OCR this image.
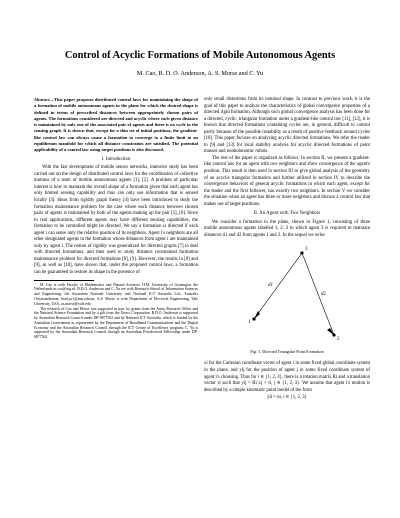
Control of Acyclic Formations of Mobile Autonomous Agents
M. Cao, B. D. O. Anderson, A. S. Morse and C. Yu
Abstract—This paper proposes distributed control laws for maintaining the shape of a formation of mobile autonomous agents in the plane for which the desired shape is defined in terms of prescribed distances between appropriately chosen pairs of agents. The formations considered are directed and acyclic where each given distance is maintained by only one of the associated pair of agents and there is no cycle in the sensing graph. It is shown that, except for a thin set of initial positions, the gradient-like control law can always cause a formation to converge to a finite limit in an equilibrium manifold for which all distance constraints are satisfied. The potential applicability of a control law using target positions is also discussed.
I. Introduction

With the fast development of mobile sensor networks, intensive study has been carried out on the design of distributed control laws for the coordination of collective motions of a team of mobile autonomous agents [1], [2]. A problem of particular interest is how to maintain the overall shape of a formation given that each agent has only limited sensing capability and thus can only use information that is sensed locally [3]. Ideas from rigidity graph theory [4] have been introduced to study the formation maintenance problem for the case where each distance between chosen pairs of agents is maintained by both of the agents making up the pair [5], [6]. Since in real applications, different agents may have different sensing capabilities, the formation to be controlled might be directed. We say a formation is directed if each agent i can sense only the relative position of its neighbors. Agent i's neighbors are all other designated agents in the formation whose distances from agent i are maintained only by agent i. The notion of rigidity was generalized for directed graphs [7] to deal with directed formations, and then used to study distance constrained formation maintenance problem for directed formations [8], [9]. However, the results in [8] and [9], as well as [10], have shown that, under the proposed control laws, a formation can be guaranteed to restore its shape in the presence of

M. Cao is with Faculty of Mathematics and Natural Sciences, ITM, University of Groningen, the Netherlands m.cao@rug.nl; B.D.O. Anderson and C. Yu are with Research School of Information Sciences and Engineering, the Australian National University and National ICT Australia Ltd., Australia {brian.anderson, brad.yu}@anu.edu.au; A.S. Morse is with Department of Electrical Engineering, Yale University, USA, as.morse@yale.edu

The research of Cao and Morse was supported in part, by grants from the Army Research Office and the National Science Foundation and by a gift from the Xerox Corporation. B.D.O. Anderson is supported by Australian Research Council under DP-0877562 and by National ICT Australia, which is funded by the Australian Government as represented by the Department of Broadband Communications and the Digital Economy and the Australian Research Council through the ICT Centre of Excellence program. C. Yu is supported by the Australian Research Council through an Australian Postdoctoral Fellowship under DP-0877562.

only small distortions from its nominal shape. In contrast to previous work, it is the goal of this paper to analyze the characteristics of global convergence properties of a directed rigid formation. Although such global convergence analysis has been done for a directed, cyclic, triangular formation under a gradient-like control law [11], [12], it is known that directed formations containing cycles are, in general, difficult to control partly because of the possible instability as a result of positive feedback around cycles [10]. This paper focuses on analyzing acyclic directed formations. We refer the reader to [9] and [13] for local stability analysis for acyclic directed formations of point masses and nonholonomic robots.

The rest of the paper is organized as follows: In section II, we present a gradient-like control law for an agent with two neighbors and show convergence of the agent's position. This result is then used in section III to give global analysis of the geometry of an acyclic triangular formation and further utilized in section IV to describe the convergence behaviors of general acyclic formations in which each agent, except for the leader and the first follower, has exactly two neighbors. In section V we consider the situation when an agent has three or more neighbors and discuss a control law that makes use of target positions.

II. An Agent with Two Neighbors

We consider a formation in the plane, shown in Figure 1, consisting of three mobile autonomous agents labelled 1, 2, 3 in which agent 3 is required to maintain distances d1 and d2 from agents 1 and 2. In the sequel we write

1
2
3
d1
d2
Fig. 1. Directed Triangular Point Formation

xi for the Cartesian coordinate vector of agent i in some fixed global coordinate system in the plane, and yij for the position of agent j in some fixed coordinate system of agent i's choosing. Thus for i ∈ {1, 2, 3}, there is a rotation matrix Ri and a translation vector τi such that yij = Ri xj + τi, j ∈ {1, 2, 3}. We assume that agent i's motion is described by a simple kinematic point model of the form

ẏii = ui, i ∈ {1, 2, 3}
